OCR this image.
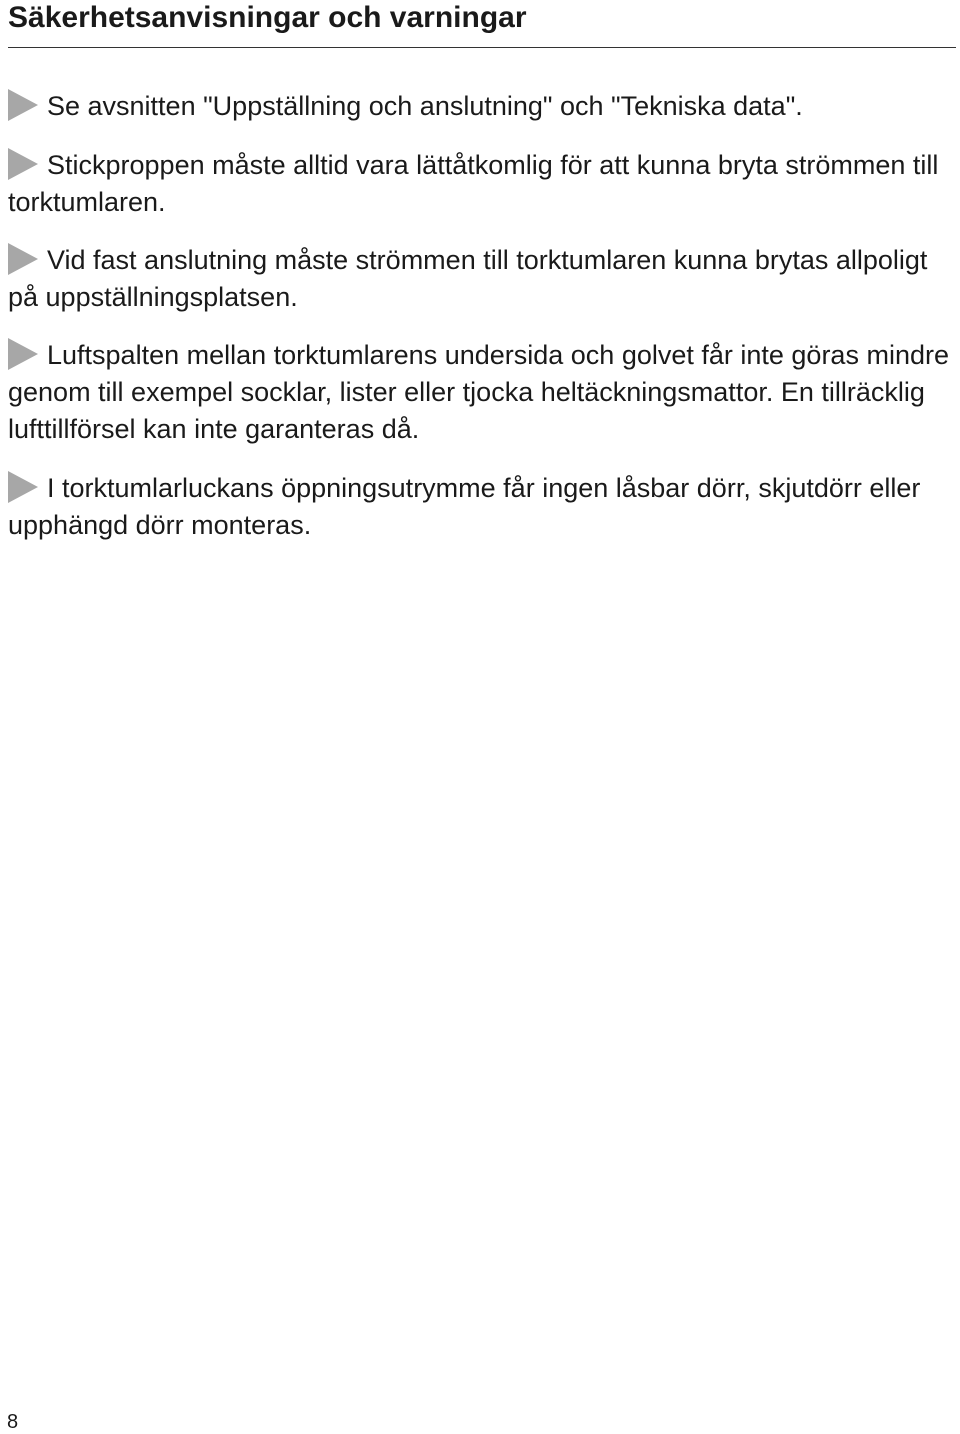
Säkerhetsanvisningar och varningar
Se avsnitten "Uppställning och anslutning" och "Tekniska data".
Stickproppen måste alltid vara lättåtkomlig för att kunna bryta strömmen till torktumlaren.
Vid fast anslutning måste strömmen till torktumlaren kunna brytas allpoligt på uppställningsplatsen.
Luftspalten mellan torktumlarens undersida och golvet får inte göras mindre genom till exempel socklar, lister eller tjocka heltäckningsmattor. En tillräcklig lufttillförsel kan inte garanteras då.
I torktumlarluckans öppningsutrymme får ingen låsbar dörr, skjutdörr eller upphängd dörr monteras.
8
